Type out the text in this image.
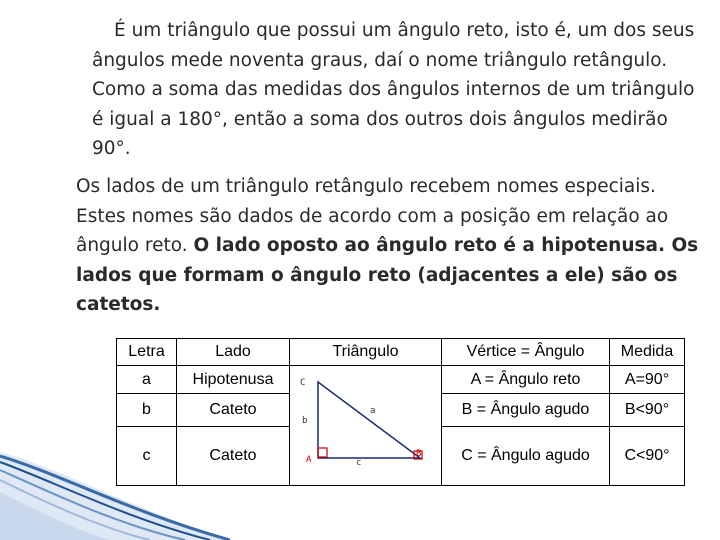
É um triângulo que possui um ângulo reto, isto é, um dos seus ângulos mede noventa graus, daí o nome triângulo retângulo. Como a soma das medidas dos ângulos internos de um triângulo é igual a 180°, então a soma dos outros dois ângulos medirão 90°.
Os lados de um triângulo retângulo recebem nomes especiais. Estes nomes são dados de acordo com a posição em relação ao ângulo reto. O lado oposto ao ângulo reto é a hipotenusa. Os lados que formam o ângulo reto (adjacentes a ele) são os catetos.
Letra	Lado	Triângulo	Vértice = Ângulo	Medida
a	Hipotenusa	A = Ângulo reto	A=90°
b	Cateto	B = Ângulo agudo	B<90°
c	Cateto	C = Ângulo agudo	C<90°
C
A
B
a
b
c
